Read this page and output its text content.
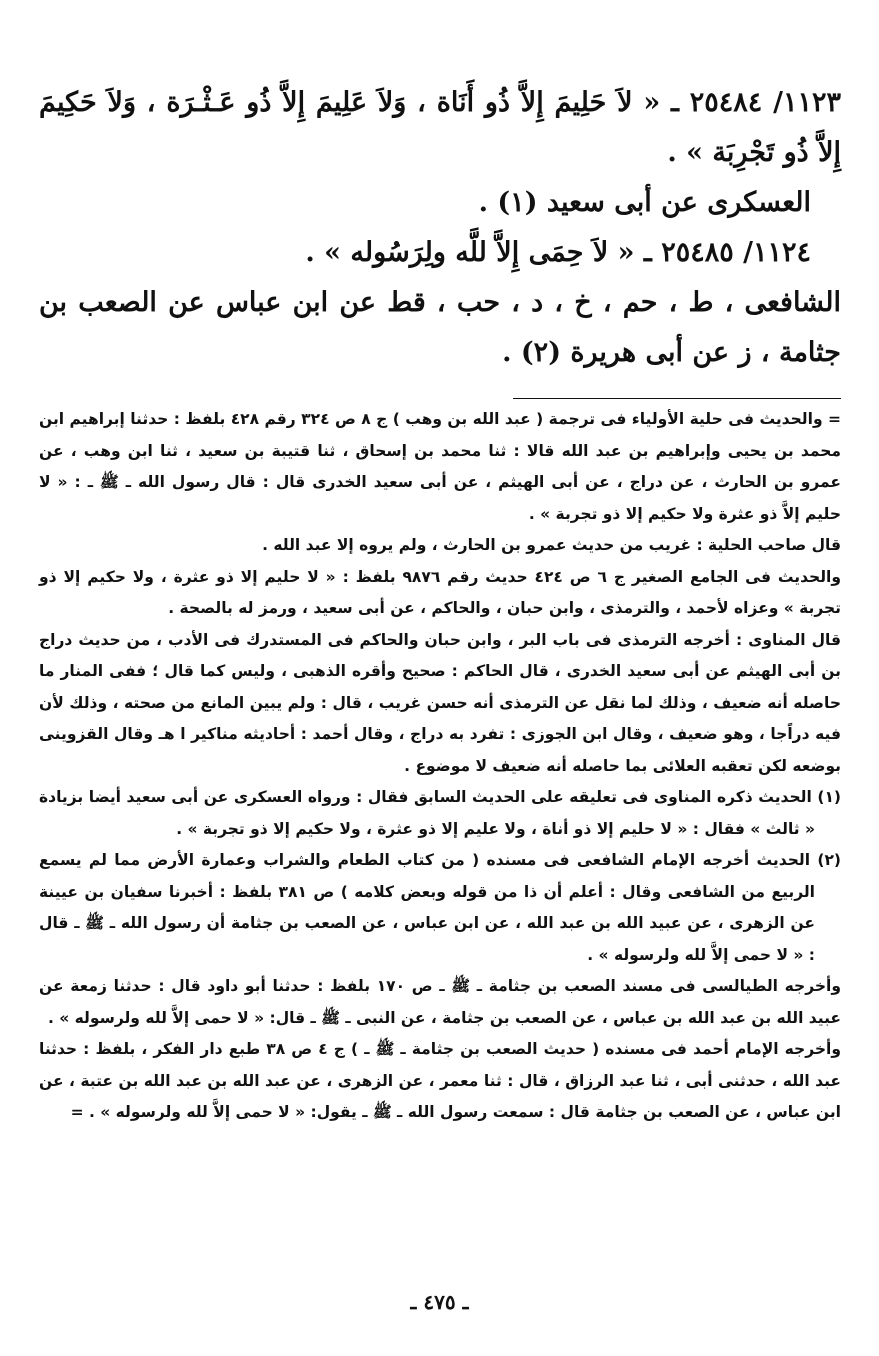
١١٢٣/ ٢٥٤٨٤ ـ « لاَ حَلِيمَ إِلاَّ ذُو أَنَاة ، وَلاَ عَلِيمَ إِلاَّ ذُو عَـثْـرَة ، وَلاَ حَكِيمَ إِلاَّ ذُو تَجْرِبَة » .

العسكرى عن أبى سعيد (١) .

١١٢٤/ ٢٥٤٨٥ ـ « لاَ حِمَى إِلاَّ للَّه ولِرَسُوله » .

الشافعى ، ط ، حم ، خ ، د ، حب ، قط عن ابن عباس عن الصعب بن جثامة ، ز عن أبى هريرة (٢) .

= والحديث فى حلية الأولياء فى ترجمة ( عبد الله بن وهب ) ج ٨ ص ٣٢٤ رقم ٤٢٨ بلفظ : حدثنا إبراهيم ابن محمد بن يحيى وإبراهيم بن عبد الله قالا : ثنا محمد بن إسحاق ، ثنا قتيبة بن سعيد ، ثنا ابن وهب ، عن عمرو بن الحارث ، عن دراج ، عن أبى الهيثم ، عن أبى سعيد الخدرى قال : قال رسول الله ـ ﷺ ـ : « لا حليم إلاَّ ذو عثرة ولا حكيم إلا ذو تجربة » .

قال صاحب الحلية : غريب من حديث عمرو بن الحارث ، ولم يروه إلا عبد الله .

والحديث فى الجامع الصغير ج ٦ ص ٤٢٤ حديث رقم ٩٨٧٦ بلفظ : « لا حليم إلا ذو عثرة ، ولا حكيم إلا ذو تجربة » وعزاه لأحمد ، والترمذى ، وابن حبان ، والحاكم ، عن أبى سعيد ، ورمز له بالصحة .

قال المناوى : أخرجه الترمذى فى باب البر ، وابن حبان والحاكم فى المستدرك فى الأدب ، من حديث دراج بن أبى الهيثم عن أبى سعيد الخدرى ، قال الحاكم : صحيح وأقره الذهبى ، وليس كما قال ؛ ففى المنار ما حاصله أنه ضعيف ، وذلك لما نقل عن الترمذى أنه حسن غريب ، قال : ولم يبين المانع من صحته ، وذلك لأن فيه دراًجا ، وهو ضعيف ، وقال ابن الجوزى : تفرد به دراج ، وقال أحمد : أحاديثه مناكير ا هـ وقال القزوينى بوضعه لكن تعقبه العلائى بما حاصله أنه ضعيف لا موضوع .

(١) الحديث ذكره المناوى فى تعليقه على الحديث السابق فقال : ورواه العسكرى عن أبى سعيد أيضا بزيادة « ثالث » فقال : « لا حليم إلا ذو أناة ، ولا عليم إلا ذو عثرة ، ولا حكيم إلا ذو تجربة » .

(٢) الحديث أخرجه الإمام الشافعى فى مسنده ( من كتاب الطعام والشراب وعمارة الأرض مما لم يسمع الربيع من الشافعى وقال : أعلم أن ذا من قوله وبعض كلامه ) ص ٣٨١ بلفظ : أخبرنا سفيان بن عيينة عن الزهرى ، عن عبيد الله بن عبد الله ، عن ابن عباس ، عن الصعب بن جثامة أن رسول الله ـ ﷺ ـ قال : « لا حمى إلاَّ لله ولرسوله » .

وأخرجه الطيالسى فى مسند الصعب بن جثامة ـ ﷺ ـ ص ١٧٠ بلفظ : حدثنا أبو داود قال : حدثنا زمعة عن عبيد الله بن عبد الله بن عباس ، عن الصعب بن جثامة ، عن النبى ـ ﷺ ـ قال: « لا حمى إلاَّ لله ولرسوله » .

وأخرجه الإمام أحمد فى مسنده ( حديث الصعب بن جثامة ـ ﷺ ـ ) ج ٤ ص ٣٨ طبع دار الفكر ، بلفظ : حدثنا عبد الله ، حدثنى أبى ، ثنا عبد الرزاق ، قال : ثنا معمر ، عن الزهرى ، عن عبد الله بن عبد الله بن عتبة ، عن ابن عباس ، عن الصعب بن جثامة قال : سمعت رسول الله ـ ﷺ ـ يقول: « لا حمى إلاَّ لله ولرسوله » . =

ـ ٤٧٥ ـ
